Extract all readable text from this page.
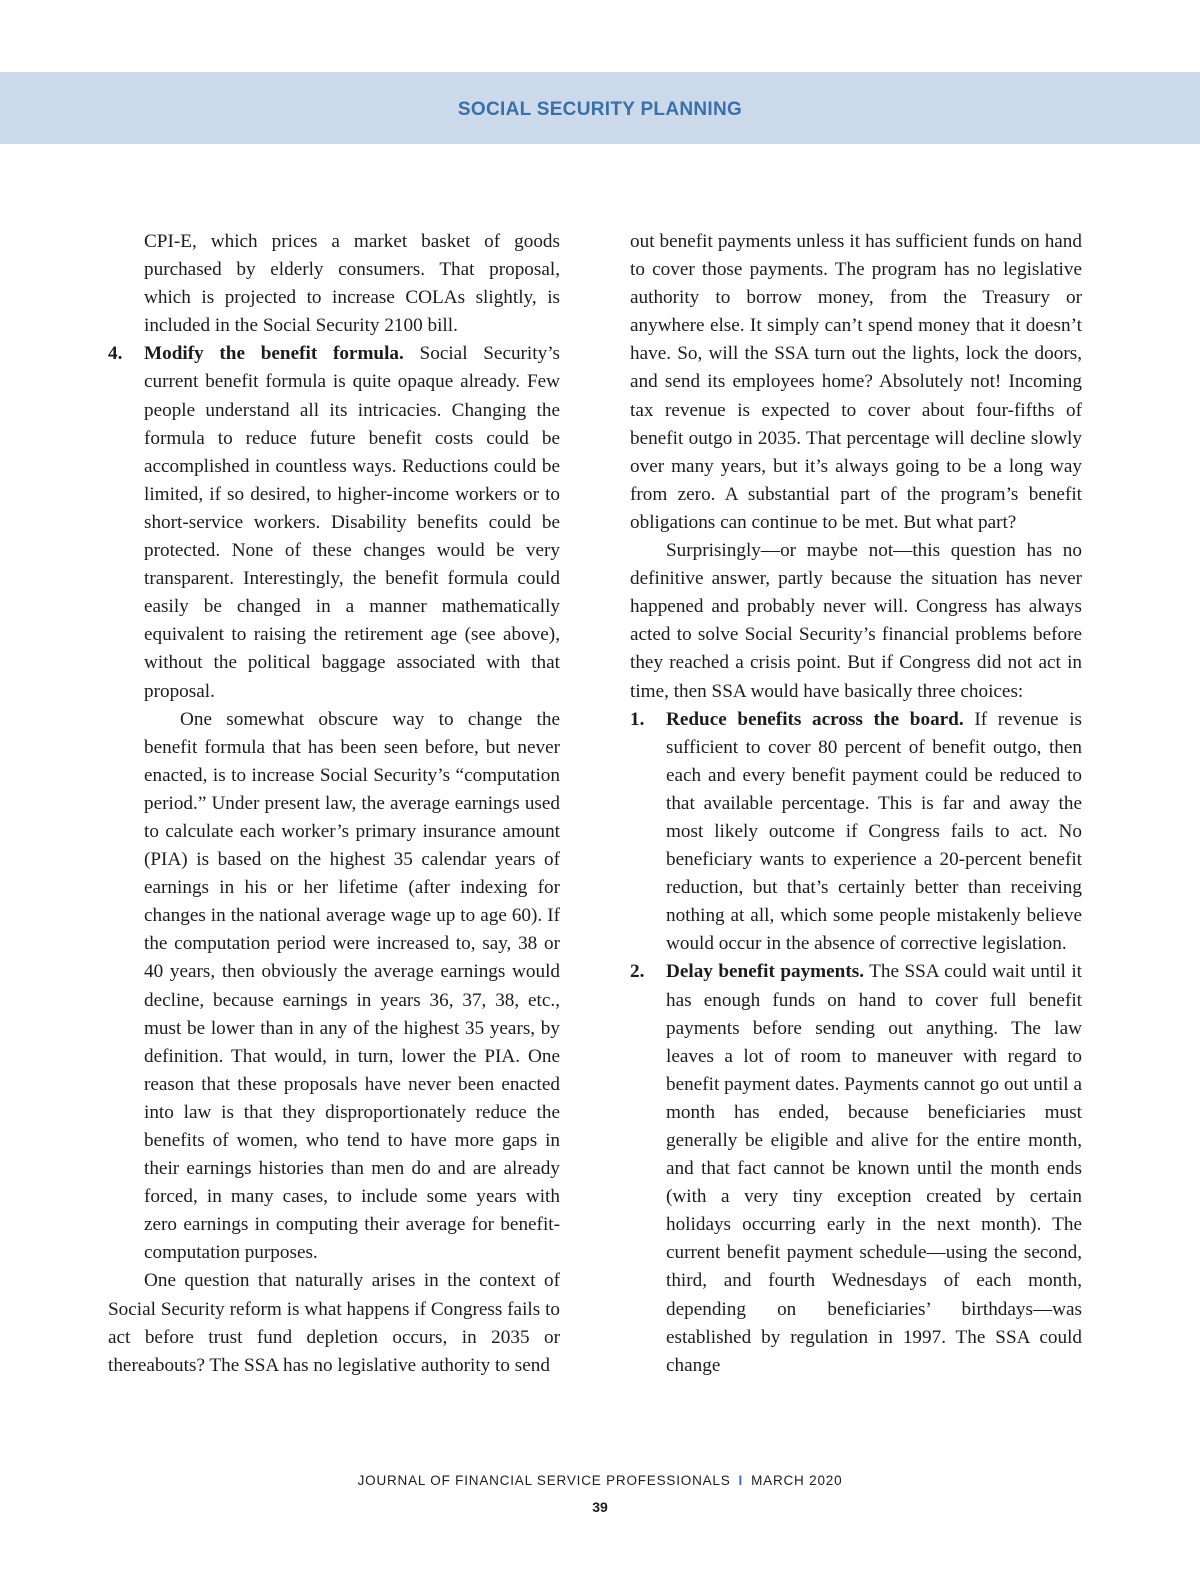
SOCIAL SECURITY PLANNING

CPI-E, which prices a market basket of goods purchased by elderly consumers. That proposal, which is projected to increase COLAs slightly, is included in the Social Security 2100 bill.

4. Modify the benefit formula. Social Security’s current benefit formula is quite opaque already. Few people understand all its intricacies. Changing the formula to reduce future benefit costs could be accomplished in countless ways. Reductions could be limited, if so desired, to higher-income workers or to short-service workers. Disability benefits could be protected. None of these changes would be very transparent. Interestingly, the benefit formula could easily be changed in a manner mathematically equivalent to raising the retirement age (see above), without the political baggage associated with that proposal.

One somewhat obscure way to change the benefit formula that has been seen before, but never enacted, is to increase Social Security’s “computation period.” Under present law, the average earnings used to calculate each worker’s primary insurance amount (PIA) is based on the highest 35 calendar years of earnings in his or her lifetime (after indexing for changes in the national average wage up to age 60). If the computation period were increased to, say, 38 or 40 years, then obviously the average earnings would decline, because earnings in years 36, 37, 38, etc., must be lower than in any of the highest 35 years, by definition. That would, in turn, lower the PIA. One reason that these proposals have never been enacted into law is that they disproportionately reduce the benefits of women, who tend to have more gaps in their earnings histories than men do and are already forced, in many cases, to include some years with zero earnings in computing their average for benefit-computation purposes.

One question that naturally arises in the context of Social Security reform is what happens if Congress fails to act before trust fund depletion occurs, in 2035 or thereabouts? The SSA has no legislative authority to send

out benefit payments unless it has sufficient funds on hand to cover those payments. The program has no legislative authority to borrow money, from the Treasury or anywhere else. It simply can’t spend money that it doesn’t have. So, will the SSA turn out the lights, lock the doors, and send its employees home? Absolutely not! Incoming tax revenue is expected to cover about four-fifths of benefit outgo in 2035. That percentage will decline slowly over many years, but it’s always going to be a long way from zero. A substantial part of the program’s benefit obligations can continue to be met. But what part?

Surprisingly—or maybe not—this question has no definitive answer, partly because the situation has never happened and probably never will. Congress has always acted to solve Social Security’s financial problems before they reached a crisis point. But if Congress did not act in time, then SSA would have basically three choices:

1. Reduce benefits across the board. If revenue is sufficient to cover 80 percent of benefit outgo, then each and every benefit payment could be reduced to that available percentage. This is far and away the most likely outcome if Congress fails to act. No beneficiary wants to experience a 20-percent benefit reduction, but that’s certainly better than receiving nothing at all, which some people mistakenly believe would occur in the absence of corrective legislation.

2. Delay benefit payments. The SSA could wait until it has enough funds on hand to cover full benefit payments before sending out anything. The law leaves a lot of room to maneuver with regard to benefit payment dates. Payments cannot go out until a month has ended, because beneficiaries must generally be eligible and alive for the entire month, and that fact cannot be known until the month ends (with a very tiny exception created by certain holidays occurring early in the next month). The current benefit payment schedule—using the second, third, and fourth Wednesdays of each month, depending on beneficiaries’ birthdays—was established by regulation in 1997. The SSA could change

JOURNAL OF FINANCIAL SERVICE PROFESSIONALS I MARCH 2020
39
